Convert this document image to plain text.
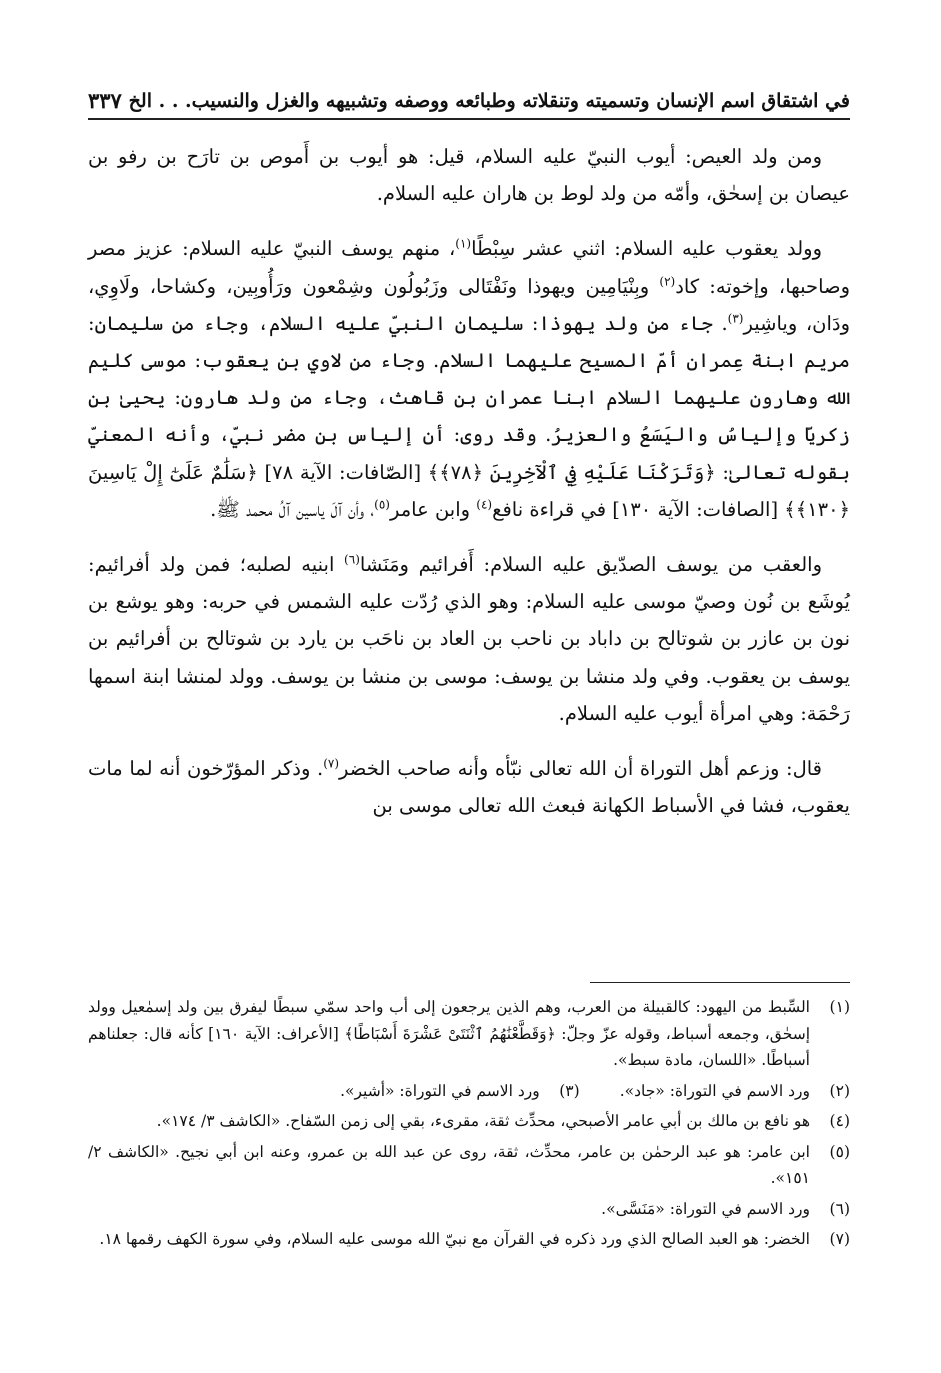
في اشتقاق اسم الإنسان وتسميته وتنقلاته وطبائعه ووصفه وتشبيهه والغزل والنسيب. . . الخ
٣٣٧

ومن ولد العيص: أيوب النبيّ عليه السلام، قيل: هو أيوب بن أَموص بن تارَح بن رفو بن عيصان بن إسحٰق، وأمّه من ولد لوط بن هاران عليه السلام.

وولد يعقوب عليه السلام: اثني عشر سِبْطًا$^{(١)}$، منهم يوسف النبيّ عليه السلام: عزيز مصر وصاحبها، وإخوته: كاد$^{(٢)}$ وبِنْيَامِين ويهوذا ونَفْتَالى وزَبُولُون وشِمْعون ورَأُوبِين، وكشاحا، ولَاوِي، ودَان، وياشِير$^{(٣)}$. جاء من ولد يهوذا: سليمان النبيّ عليه السلام، وجاء من سليمان: مريم ابنة عِمران أمّ المسيح عليهما السلام. وجاء من لاوي بن يعقوب: موسى كليم الله وهارون عليهما السلام ابنا عمران بن قاهث، وجاء من ولد هارون: يحيىٰ بن زكريّا وإلياسُ واليَسَعُ والعزيرُ. وقد روى: أن إلياس بن مضر نبيّ، وأنه المعنيّ بقوله تعالىٰ: ﴿وَتَرَكْنَا عَلَيْهِ فِي ٱلْآخِرِينَ ﴿٧٨﴾﴾ [الصّافات: الآية ٧٨] ﴿سَلَٰمٌ عَلَىٰٓ إِلْ يَاسِينَ ﴿١٣٠﴾﴾ [الصافات: الآية ١٣٠] في قراءة نافع$^{(٤)}$ وابن عامر$^{(٥)}$، وأن آلَ ياسين آلُ محمد ﷺ.

والعقب من يوسف الصدّيق عليه السلام: أَفرائيم ومَنَشا$^{(٦)}$ ابنيه لصلبه؛ فمن ولد أفرائيم: يُوشَع بن نُون وصيّ موسى عليه السلام: وهو الذي رُدّت عليه الشمس في حربه: وهو يوشع بن نون بن عازر بن شوتالح بن داباد بن ناحب بن العاد بن ناحَب بن يارد بن شوتالح بن أفرائيم بن يوسف بن يعقوب. وفي ولد منشا بن يوسف: موسى بن منشا بن يوسف. وولد لمنشا ابنة اسمها رَحْمَة: وهي امرأة أيوب عليه السلام.

قال: وزعم أهل التوراة أن الله تعالى نبّأه وأنه صاحب الخضر$^{(٧)}$. وذكر المؤرّخون أنه لما مات يعقوب، فشا في الأسباط الكهانة فبعث الله تعالى موسى بن

(١)
السِّبط من اليهود: كالقبيلة من العرب، وهم الذين يرجعون إلى أب واحد سمّي سبطًا ليفرق بين ولد إسمٰعيل وولد إسحٰق، وجمعه أسباط، وقوله عزّ وجلّ: ﴿وَقَطَّعْنَٰهُمُ ٱثْنَتَىْ عَشْرَةَ أَسْبَاطًا﴾ [الأعراف: الآية ١٦٠] كأنه قال: جعلناهم أسباطًا. «اللسان، مادة سبط».
(٢)
ورد الاسم في التوراة: «جاد».
(٣)
ورد الاسم في التوراة: «أشير».
(٤)
هو نافع بن مالك بن أبي عامر الأصبحي، محدِّث ثقة، مقرىء، بقي إلى زمن السّفاح. «الكاشف ٣/ ١٧٤».
(٥)
ابن عامر: هو عبد الرحمٰن بن عامر، محدِّث، ثقة، روى عن عبد الله بن عمرو، وعنه ابن أبي نجيح. «الكاشف ٢/ ١٥١».
(٦)
ورد الاسم في التوراة: «مَنَسَّى».
(٧)
الخضر: هو العبد الصالح الذي ورد ذكره في القرآن مع نبيّ الله موسى عليه السلام، وفي سورة الكهف رقمها ١٨.
